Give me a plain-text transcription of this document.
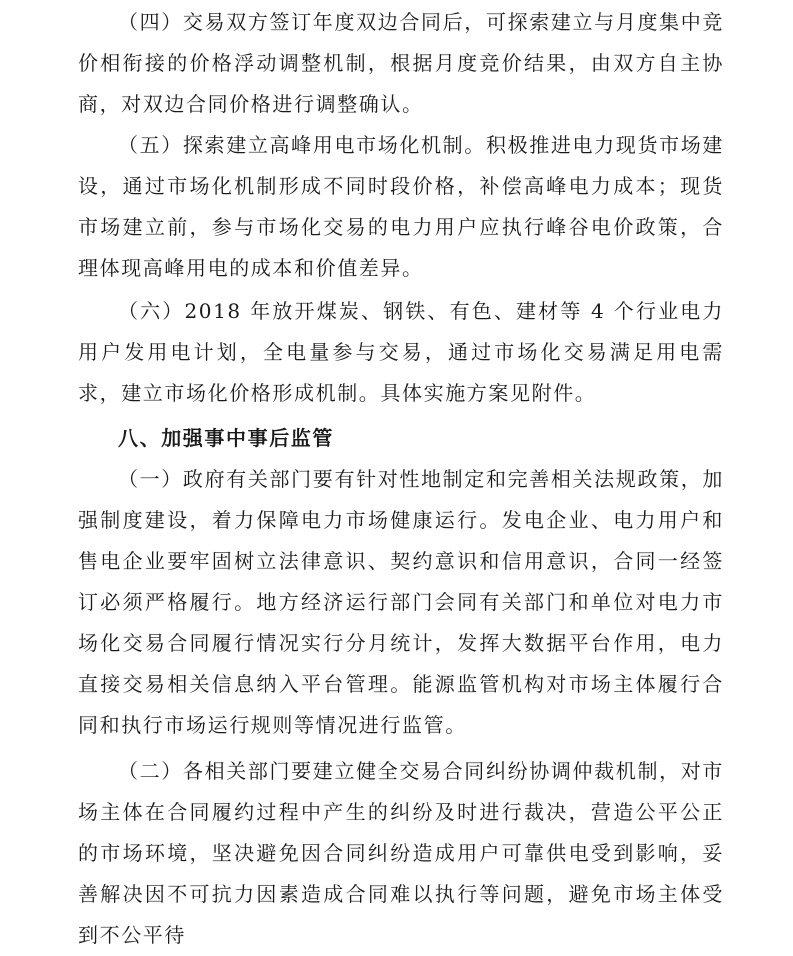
（四）交易双方签订年度双边合同后，可探索建立与月度集中竞价相衔接的价格浮动调整机制，根据月度竞价结果，由双方自主协商，对双边合同价格进行调整确认。

（五）探索建立高峰用电市场化机制。积极推进电力现货市场建设，通过市场化机制形成不同时段价格，补偿高峰电力成本；现货市场建立前，参与市场化交易的电力用户应执行峰谷电价政策，合理体现高峰用电的成本和价值差异。

（六）2018 年放开煤炭、钢铁、有色、建材等 4 个行业电力用户发用电计划，全电量参与交易，通过市场化交易满足用电需求，建立市场化价格形成机制。具体实施方案见附件。

八、加强事中事后监管

（一）政府有关部门要有针对性地制定和完善相关法规政策，加强制度建设，着力保障电力市场健康运行。发电企业、电力用户和售电企业要牢固树立法律意识、契约意识和信用意识，合同一经签订必须严格履行。地方经济运行部门会同有关部门和单位对电力市场化交易合同履行情况实行分月统计，发挥大数据平台作用，电力直接交易相关信息纳入平台管理。能源监管机构对市场主体履行合同和执行市场运行规则等情况进行监管。

（二）各相关部门要建立健全交易合同纠纷协调仲裁机制，对市场主体在合同履约过程中产生的纠纷及时进行裁决，营造公平公正的市场环境，坚决避免因合同纠纷造成用户可靠供电受到影响，妥善解决因不可抗力因素造成合同难以执行等问题，避免市场主体受到不公平待
